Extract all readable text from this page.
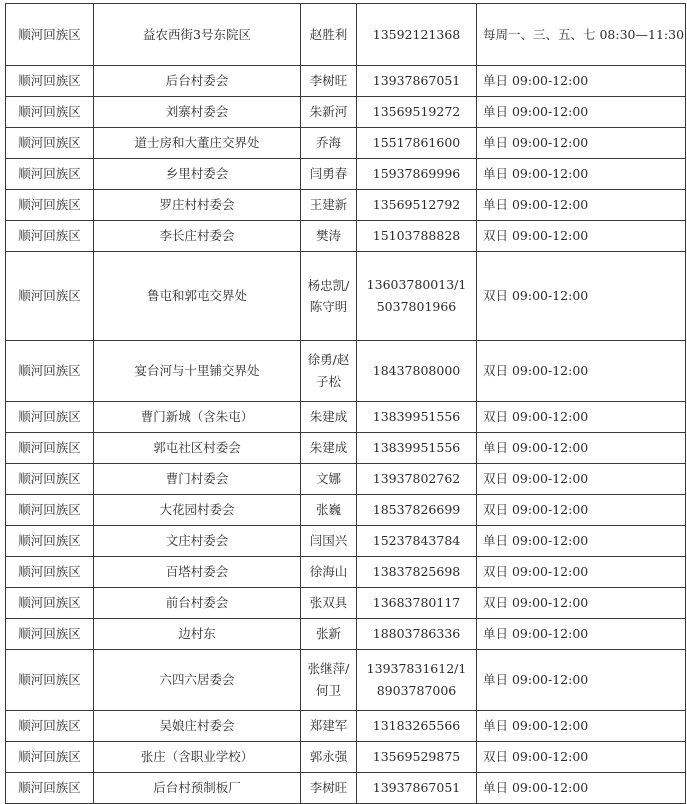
顺河回族区	益农西街3号东院区	赵胜利	13592121368	每周一、三、五、七 08:30—11:30
顺河回族区	后台村委会	李树旺	13937867051	单日 09:00-12:00
顺河回族区	刘寨村委会	朱新河	13569519272	单日 09:00-12:00
顺河回族区	道士房和大董庄交界处	乔海	15517861600	单日 09:00-12:00
顺河回族区	乡里村委会	闫勇春	15937869996	单日 09:00-12:00
顺河回族区	罗庄村村委会	王建新	13569512792	单日 09:00-12:00
顺河回族区	李长庄村委会	樊涛	15103788828	双日 09:00-12:00
顺河回族区	鲁屯和郭屯交界处	杨忠凯/陈守明	13603780013/15037801966	双日 09:00-12:00
顺河回族区	宴台河与十里铺交界处	徐勇/赵子松	18437808000	双日 09:00-12:00
顺河回族区	曹门新城（含朱屯）	朱建成	13839951556	双日 09:00-12:00
顺河回族区	郭屯社区村委会	朱建成	13839951556	单日 09:00-12:00
顺河回族区	曹门村委会	文娜	13937802762	双日 09:00-12:00
顺河回族区	大花园村委会	张巍	18537826699	双日 09:00-12:00
顺河回族区	文庄村委会	闫国兴	15237843784	单日 09:00-12:00
顺河回族区	百塔村委会	徐海山	13837825698	双日 09:00-12:00
顺河回族区	前台村委会	张双具	13683780117	双日 09:00-12:00
顺河回族区	边村东	张新	18803786336	单日 09:00-12:00
顺河回族区	六四六居委会	张继萍/何卫	13937831612/18903787006	单日 09:00-12:00
顺河回族区	吴娘庄村委会	郑建军	13183265566	单日 09:00-12:00
顺河回族区	张庄（含职业学校）	郭永强	13569529875	双日 09:00-12:00
顺河回族区	后台村预制板厂	李树旺	13937867051	单日 09:00-12:00
